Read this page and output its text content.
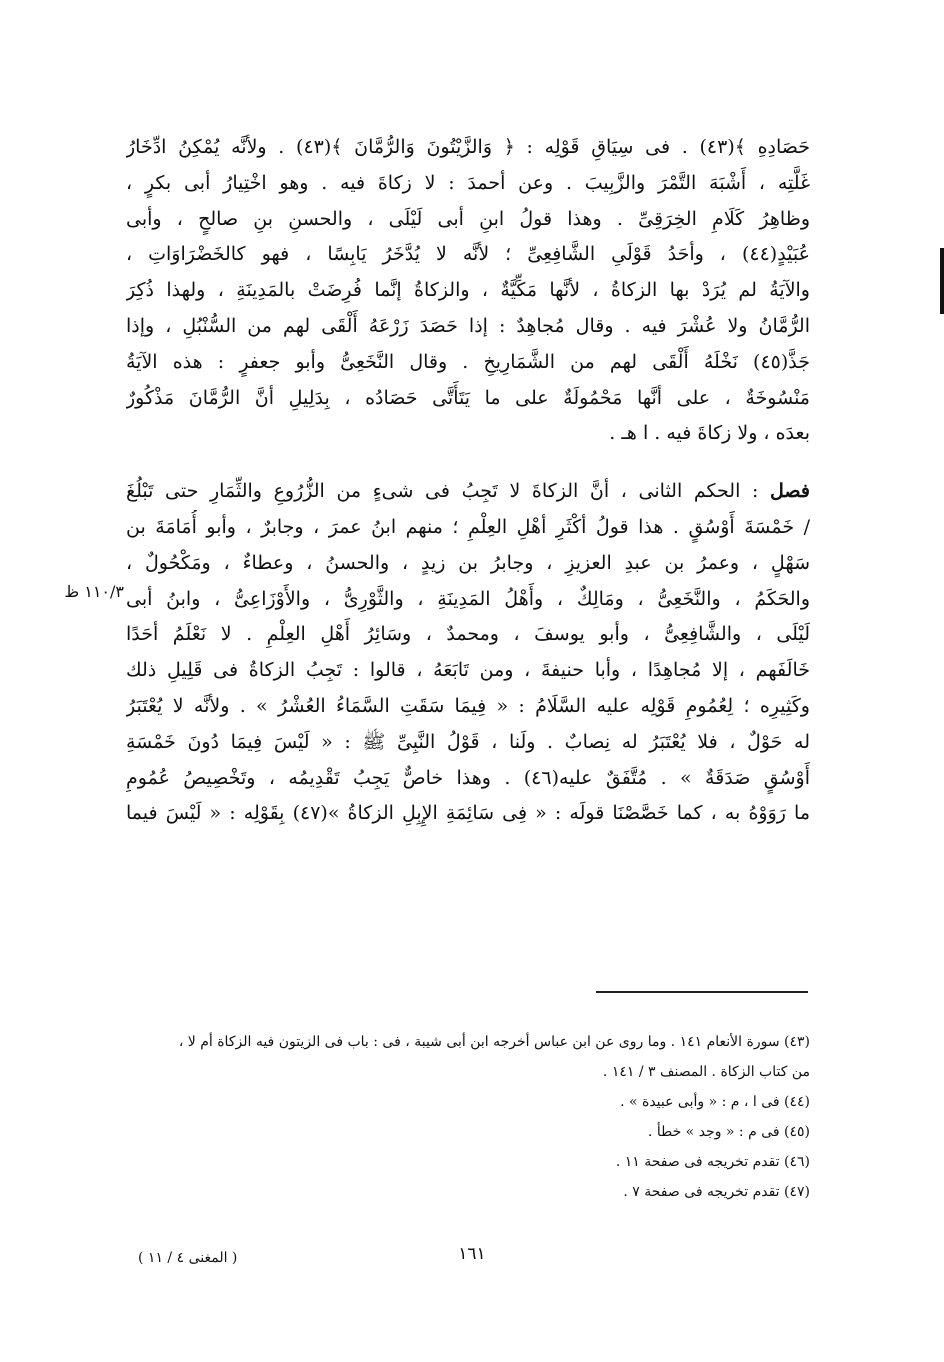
حَصَادِهِ ﴾(٤٣) . فى سِيَاقِ قَوْلِه : ﴿ وَالزَّيْتُونَ وَالرُّمَّانَ ﴾(٤٣) . ولأنَّه يُمْكِنُ ادِّخَارُ
غَلَّتِه ، أَشْبَهَ التَّمْرَ والزَّبِيبَ . وعن أحمدَ : لا زكاةَ فيه . وهو اخْتِيارُ أبى بكرٍ ،
وظاهِرُ كَلَامِ الخِرَقِىِّ . وهذا قولُ ابنِ أبى لَيْلَى ، والحسنِ بنِ صالحٍ ، وأبى
عُبَيْدٍ(٤٤) ، وأحَدُ قَوْلَىِ الشَّافِعِىِّ ؛ لأنَّه لا يُدَّخَرُ يَابِسًا ، فهو كالخَضْرَاوَاتِ ،
والآيَةُ لم يُرَدْ بها الزكاةُ ، لأنَّها مَكِّيَّةٌ ، والزكاةُ إنَّما فُرِضَتْ بالمَدِينَةِ ، ولهذا ذُكِرَ
الرُّمَّانُ ولا عُشْرَ فيه . وقال مُجاهِدٌ : إذا حَصَدَ زَرْعَهُ أَلْقَى لهم من السُّنْبُلِ ، وإذا
جَذَّ(٤٥) نَخْلَهُ أَلْقَى لهم من الشَّمَارِيخِ . وقال النَّخَعِىُّ وأبو جعفرٍ : هذه الآيَةُ
مَنْسُوخَةٌ ، على أنَّها مَحْمُولَةٌ على ما يَتَأَتَّى حَصَادُه ، بِدَلِيلِ أنَّ الرُّمَّانَ مَذْكُورٌ
بعدَه ، ولا زكاةَ فيه . ا هـ .
فصل : الحكم الثانى ، أنَّ الزكاةَ لا تَجِبُ فى شىءٍ من الزُّرُوعِ والثِّمَارِ حتى تَبْلُغَ
/ خَمْسَةَ أَوْسُقٍ . هذا قولُ أكْثَرِ أهْلِ العِلْمِ ؛ منهم ابنُ عمرَ ، وجابرٌ ، وأبو أُمَامَةَ بن
سَهْلٍ ، وعمرُ بن عبدِ العزيزِ ، وجابرُ بن زيدٍ ، والحسنُ ، وعطاءٌ ، ومَكْحُولٌ ،
والحَكَمُ ، والنَّخَعِىُّ ، ومَالِكٌ ، وأَهْلُ المَدِينَةِ ، والثَّوْرِىُّ ، والأَوْزَاعِىُّ ، وابنُ أبى
لَيْلَى ، والشَّافِعِىُّ ، وأبو يوسفَ ، ومحمدٌ ، وسَائِرُ أَهْلِ العِلْمِ . لا نَعْلَمُ أحَدًا
خَالَفَهم ، إلا مُجاهِدًا ، وأبا حنيفةَ ، ومن تَابَعَهُ ، قالوا : تَجِبُ الزكاةُ فى قَلِيلِ ذلك
وكَثِيرِه ؛ لِعُمُومِ قَوْلِه عليه السَّلَامُ : « فِيمَا سَقَتِ السَّمَاءُ العُشْرُ » . ولأنَّه لا يُعْتَبَرُ
له حَوْلٌ ، فلا يُعْتَبَرُ له نِصابٌ . ولَنا ، قَوْلُ النَّبِىِّ ﷺ : « لَيْسَ فِيمَا دُونَ خَمْسَةِ
أَوْسُقٍ صَدَقَةٌ » . مُتَّفَقٌ عليه(٤٦) . وهذا خاصٌّ يَجِبُ تَقْدِيمُه ، وتَخْصِيصُ عُمُومِ
ما رَوَوْهُ به ، كما خَصَّصْنَا قولَه : « فِى سَائِمَةِ الإِبِلِ الزكاةُ »(٤٧) بِقَوْلِه : « لَيْسَ فيما
١١٠/٣ ظ
(٤٣) سورة الأنعام ١٤١ . وما روى عن ابن عباس أخرجه ابن أبى شيبة ، فى : باب فى الزيتون فيه الزكاة أم لا ،
من كتاب الزكاة . المصنف ٣ / ١٤١ .
(٤٤) فى ا ، م : « وأبى عبيدة » .
(٤٥) فى م : « وجد » خطأ .
(٤٦) تقدم تخريجه فى صفحة ١١ .
(٤٧) تقدم تخريجه فى صفحة ٧ .
١٦١
( المغنى ٤ / ١١ )
